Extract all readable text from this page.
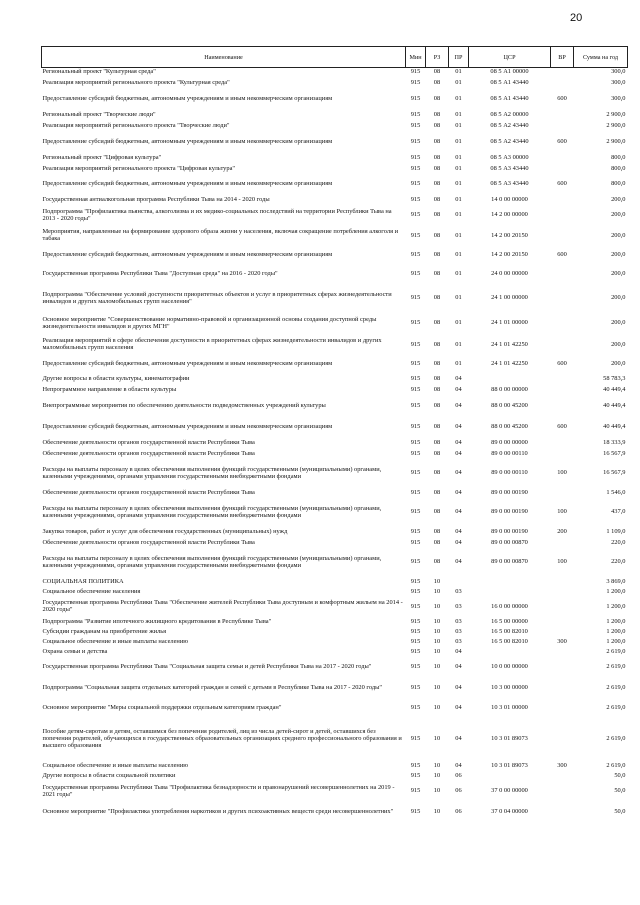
20
Наименование	Мин	РЗ	ПР	ЦСР	ВР	Сумма на год
Региональный проект "Культурная среда"	915	08	01	08 5 А1 00000		300,0
Реализация мероприятий регионального проекта "Культурная среда"	915	08	01	08 5 А1 43440		300,0
Предоставление субсидий бюджетным, автономным учреждениям и иным некоммерческим организациям	915	08	01	08 5 А1 43440	600	300,0
Региональный проект "Творческие люди"	915	08	01	08 5 А2 00000		2 900,0
Реализация мероприятий регионального проекта "Творческие люди"	915	08	01	08 5 А2 43440		2 900,0
Предоставление субсидий бюджетным, автономным учреждениям и иным некоммерческим организациям	915	08	01	08 5 А2 43440	600	2 900,0
Региональный проект "Цифровая культура"	915	08	01	08 5 А3 00000		800,0
Реализация мероприятий регионального проекта "Цифровая культура"	915	08	01	08 5 А3 43440		800,0
Предоставление субсидий бюджетным, автономным учреждениям и иным некоммерческим организациям	915	08	01	08 5 А3 43440	600	800,0
Государственная антиалкогольная программа Республики Тыва на 2014 - 2020 годы	915	08	01	14 0 00 00000		200,0
Подпрограмма "Профилактика пьянства, алкоголизма и их медико-социальных последствий на территории Республики Тыва на 2013 - 2020 годы"	915	08	01	14 2 00 00000		200,0
Мероприятия, направленные на формирование здорового образа жизни у населения, включая сокращение потребления алкоголя и табака	915	08	01	14 2 00 20150		200,0
Предоставление субсидий бюджетным, автономным учреждениям и иным некоммерческим организациям	915	08	01	14 2 00 20150	600	200,0
Государственная программа Республики Тыва "Доступная среда" на 2016 - 2020 годы"	915	08	01	24 0 00 00000		200,0
Подпрограмма "Обеспечение условий доступности приоритетных объектов и услуг в приоритетных сферах жизнедеятельности инвалидов и других маломобильных групп населения"	915	08	01	24 1 00 00000		200,0
Основное мероприятие "Совершенствование нормативно-правовой и организационной основы создания доступной среды жизнедеятельности инвалидов и других МГН"	915	08	01	24 1 01 00000		200,0
Реализация мероприятий в сфере обеспечения доступности в приоритетных сферах жизнедеятельности инвалидов и других маломобильных групп населения	915	08	01	24 1 01 42250		200,0
Предоставление субсидий бюджетным, автономным учреждениям и иным некоммерческим организациям	915	08	01	24 1 01 42250	600	200,0
Другие вопросы в области культуры, кинематографии	915	08	04			58 783,3
Непрограммное направление в области культуры	915	08	04	88 0 00 00000		40 449,4
Внепрограммные мероприятия по обеспечению деятельности подведомственных учреждений культуры	915	08	04	88 0 00 45200		40 449,4
Предоставление субсидий бюджетным, автономным учреждениям и иным некоммерческим организациям	915	08	04	88 0 00 45200	600	40 449,4
Обеспечение деятельности органов государственной власти Республики Тыва	915	08	04	89 0 00 00000		18 333,9
Обеспечение деятельности органов государственной власти Республики Тыва	915	08	04	89 0 00 00110		16 567,9
Расходы на выплаты персоналу в целях обеспечения выполнения функций государственными (муниципальными) органами, казенными учреждениями, органами управления государственными внебюджетными фондами	915	08	04	89 0 00 00110	100	16 567,9
Обеспечение деятельности органов государственной власти Республики Тыва	915	08	04	89 0 00 00190		1 546,0
Расходы на выплаты персоналу в целях обеспечения выполнения функций государственными (муниципальными) органами, казенными учреждениями, органами управления государственными внебюджетными фондами	915	08	04	89 0 00 00190	100	437,0
Закупка товаров, работ и услуг для обеспечения государственных (муниципальных) нужд	915	08	04	89 0 00 00190	200	1 109,0
Обеспечение деятельности органов государственной власти Республики Тыва	915	08	04	89 0 00 00870		220,0
Расходы на выплаты персоналу в целях обеспечения выполнения функций государственными (муниципальными) органами, казенными учреждениями, органами управления государственными внебюджетными фондами	915	08	04	89 0 00 00870	100	220,0
СОЦИАЛЬНАЯ ПОЛИТИКА	915	10				3 869,0
Социальное обеспечение населения	915	10	03			1 200,0
Государственная программа Республики Тыва "Обеспечение жителей Республики Тыва доступным и комфортным жильем на 2014 - 2020 годы"	915	10	03	16 0 00 00000		1 200,0
Подпрограмма "Развитие ипотечного жилищного кредитования в Республике Тыва"	915	10	03	16 5 00 00000		1 200,0
Субсидии гражданам на приобретение жилья	915	10	03	16 5 00 82010		1 200,0
Социальное обеспечение и иные выплаты населению	915	10	03	16 5 00 82010	300	1 200,0
Охрана семьи и детства	915	10	04			2 619,0
Государственная программа Республики Тыва "Социальная защита семьи и детей Республики Тыва на 2017 - 2020 годы"	915	10	04	10 0 00 00000		2 619,0
Подпрограмма "Социальная защита отдельных категорий граждан и семей с детьми в Республике Тыва на 2017 - 2020 годы"	915	10	04	10 3 00 00000		2 619,0
Основное мероприятие "Меры социальной поддержки отдельным категориям граждан"	915	10	04	10 3 01 00000		2 619,0
Пособие детям-сиротам и детям, оставшимся без попечения родителей, лиц из числа детей-сирот и детей, оставшихся без попечения родителей, обучающихся в государственных образовательных организациях среднего профессионального образования и высшего образования	915	10	04	10 3 01 89073		2 619,0
Социальное обеспечение и иные выплаты населению	915	10	04	10 3 01 89073	300	2 619,0
Другие вопросы в области социальной политики	915	10	06			50,0
Государственная программа Республики Тыва "Профилактика безнадзорности и правонарушений несовершеннолетних на 2019 - 2021 годы"	915	10	06	37 0 00 00000		50,0
Основное мероприятие "Профилактика употребления наркотиков и других психоактивных веществ среди несовершеннолетних"	915	10	06	37 0 04 00000		50,0
